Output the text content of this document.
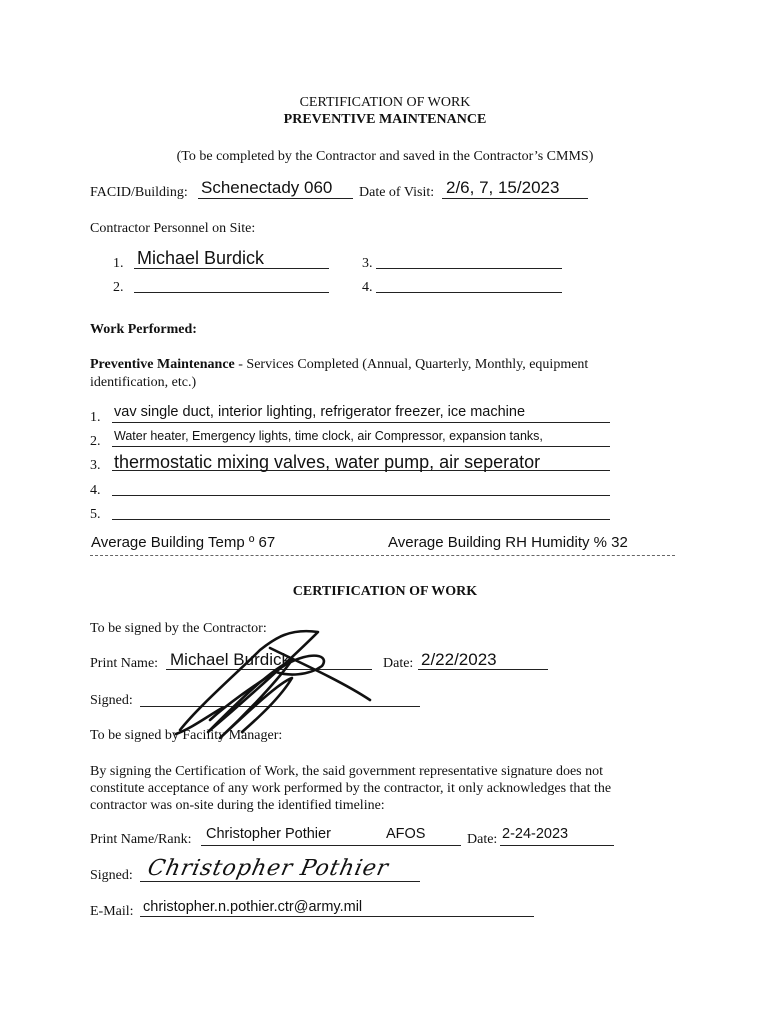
CERTIFICATION OF WORK
PREVENTIVE MAINTENANCE
(To be completed by the Contractor and saved in the Contractor’s CMMS)
FACID/Building: Schenectady 060 Date of Visit: 2/6, 7, 15/2023
Contractor Personnel on Site:
1. Michael Burdick
2.
3.
4.
Work Performed:
Preventive Maintenance - Services Completed (Annual, Quarterly, Monthly, equipment
identification, etc.)
1. vav single duct, interior lighting, refrigerator freezer, ice machine
2. Water heater, Emergency lights, time clock, air Compressor, expansion tanks,
3. thermostatic mixing valves, water pump, air seperator
4.
5.
Average Building Temp º 67	Average Building RH Humidity % 32
CERTIFICATION OF WORK
To be signed by the Contractor:
Print Name: Michael Burdick	Date: 2/22/2023
Signed:
To be signed by Facility Manager:
By signing the Certification of Work, the said government representative signature does not
constitute acceptance of any work performed by the contractor, it only acknowledges that the
contractor was on-site during the identified timeline:
Print Name/Rank: Christopher Pothier	AFOS	Date: 2-24-2023
Signed: Christopher Pothier
E-Mail: christopher.n.pothier.ctr@army.mil
